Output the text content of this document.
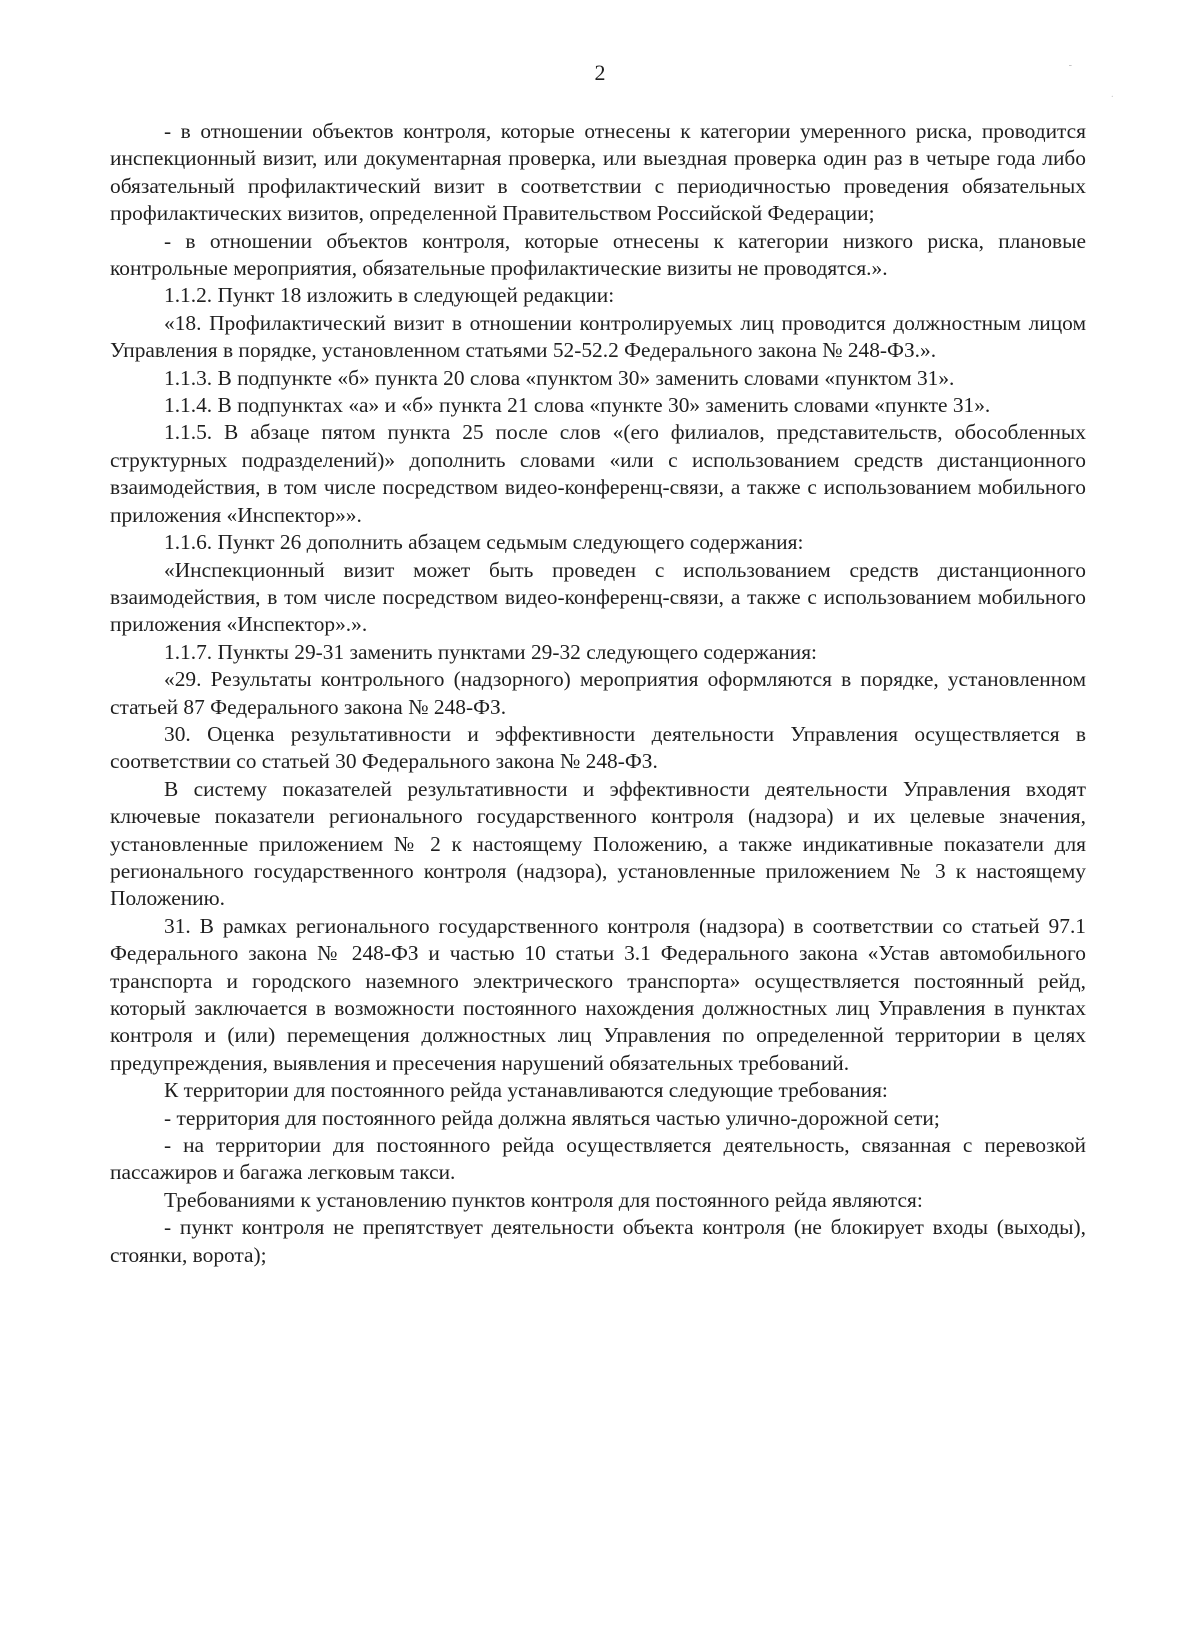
2	-
·

- в отношении объектов контроля, которые отнесены к категории умеренного риска, проводится инспекционный визит, или документарная проверка, или выездная проверка один раз в четыре года либо обязательный профилактический визит в соответствии с периодичностью проведения обязательных профилактических визитов, определенной Правительством Российской Федерации;

- в отношении объектов контроля, которые отнесены к категории низкого риска, плановые контрольные мероприятия, обязательные профилактические визиты не проводятся.».

1.1.2. Пункт 18 изложить в следующей редакции:

«18. Профилактический визит в отношении контролируемых лиц проводится должностным лицом Управления в порядке, установленном статьями 52-52.2 Федерального закона № 248-ФЗ.».

1.1.3. В подпункте «б» пункта 20 слова «пунктом 30» заменить словами «пунктом 31».

1.1.4. В подпунктах «а» и «б» пункта 21 слова «пункте 30» заменить словами «пункте 31».

1.1.5. В абзаце пятом пункта 25 после слов «(его филиалов, представительств, обособленных структурных подразделений)» дополнить словами «или с использованием средств дистанционного взаимодействия, в том числе посредством видео-конференц-связи, а также с использованием мобильного приложения «Инспектор»».

1.1.6. Пункт 26 дополнить абзацем седьмым следующего содержания:

«Инспекционный визит может быть проведен с использованием средств дистанционного взаимодействия, в том числе посредством видео-конференц-связи, а также с использованием мобильного приложения «Инспектор».».

1.1.7. Пункты 29-31 заменить пунктами 29-32 следующего содержания:

«29. Результаты контрольного (надзорного) мероприятия оформляются в порядке, установленном статьей 87 Федерального закона № 248-ФЗ.

30. Оценка результативности и эффективности деятельности Управления осуществляется в соответствии со статьей 30 Федерального закона № 248-ФЗ.

В систему показателей результативности и эффективности деятельности Управления входят ключевые показатели регионального государственного контроля (надзора) и их целевые значения, установленные приложением № 2 к настоящему Положению, а также индикативные показатели для регионального государственного контроля (надзора), установленные приложением № 3 к настоящему Положению.

31. В рамках регионального государственного контроля (надзора) в соответствии со статьей 97.1 Федерального закона № 248-ФЗ и частью 10 статьи 3.1 Федерального закона «Устав автомобильного транспорта и городского наземного электрического транспорта» осуществляется постоянный рейд, который заключается в возможности постоянного нахождения должностных лиц Управления в пунктах контроля и (или) перемещения должностных лиц Управления по определенной территории в целях предупреждения, выявления и пресечения нарушений обязательных требований.

К территории для постоянного рейда устанавливаются следующие требования:

- территория для постоянного рейда должна являться частью улично-дорожной сети;

- на территории для постоянного рейда осуществляется деятельность, связанная с перевозкой пассажиров и багажа легковым такси.

Требованиями к установлению пунктов контроля для постоянного рейда являются:

- пункт контроля не препятствует деятельности объекта контроля (не блокирует входы (выходы), стоянки, ворота);
